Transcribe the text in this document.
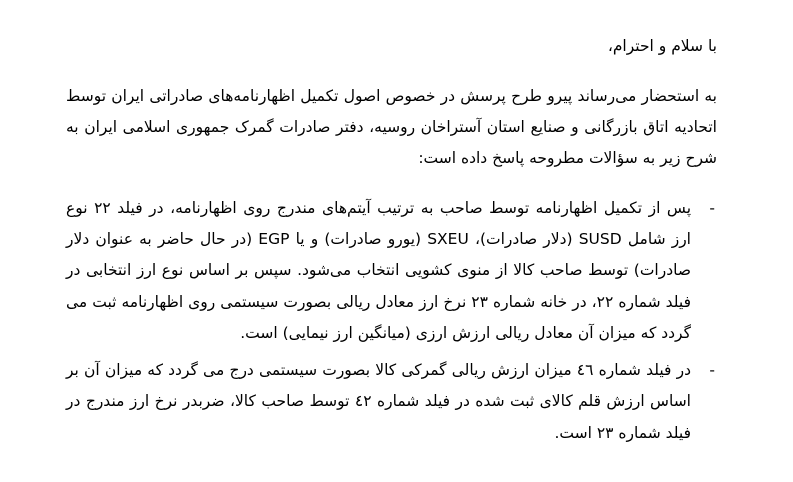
با سلام و احترام،

به استحضار می‌رساند پیرو طرح پرسش در خصوص اصول تکمیل اظهارنامه‌های صادراتی ایران توسط اتحادیه اتاق بازرگانی و صنایع استان آستراخان روسیه، دفتر صادرات گمرک جمهوری اسلامی ایران به شرح زیر به سؤالات مطروحه پاسخ داده است:

-
پس از تکمیل اظهارنامه توسط صاحب به ترتیب آیتم‌های مندرج روی اظهارنامه، در فیلد ۲۲ نوع ارز شامل SUSD (دلار صادرات)، SXEU (یورو صادرات) و یا EGP (در حال حاضر به عنوان دلار صادرات) توسط صاحب کالا از منوی کشویی انتخاب می‌شود. سپس بر اساس نوع ارز انتخابی در فیلد شماره ۲۲، در خانه شماره ۲۳ نرخ ارز معادل ریالی بصورت سیستمی روی اظهارنامه ثبت می گردد که میزان آن معادل ریالی ارزش ارزی (میانگین ارز نیمایی) است.
-
در فیلد شماره ٤٦ میزان ارزش ریالی گمرکی کالا بصورت سیستمی درج می گردد که میزان آن بر اساس ارزش قلم کالای ثبت شده در فیلد شماره ٤٢ توسط صاحب کالا، ضربدر نرخ ارز مندرج در فیلد شماره ٢٣ است.
